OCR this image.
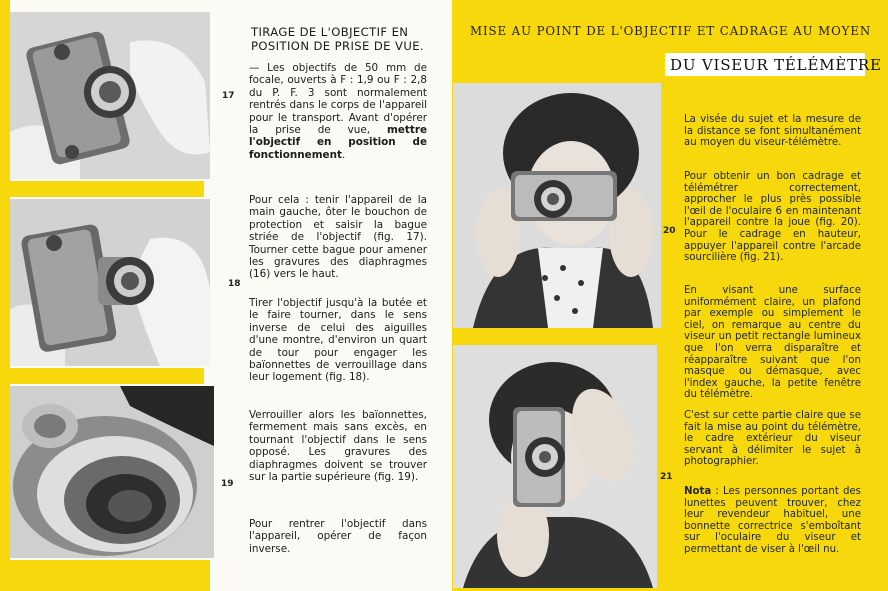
17
18
19
TIRAGE DE L'OBJECTIF EN POSITION DE PRISE DE VUE.
— Les objectifs de 50 mm de focale, ouverts à F : 1,9 ou F : 2,8 du P. F. 3 sont normalement rentrés dans le corps de l'appareil pour le transport. Avant d'opérer la prise de vue, mettre l'objectif en position de fonctionnement.
Pour cela : tenir l'appareil de la main gauche, ôter le bouchon de protection et saisir la bague striée de l'objectif (fig. 17). Tourner cette bague pour amener les gravures des diaphragmes (16) vers le haut.
Tirer l'objectif jusqu'à la butée et le faire tourner, dans le sens inverse de celui des aiguilles d'une montre, d'environ un quart de tour pour engager les baïonnettes de verrouillage dans leur logement (fig. 18).
Verrouiller alors les baïonnettes, fermement mais sans excès, en tournant l'objectif dans le sens opposé. Les gravures des diaphragmes doivent se trouver sur la partie supérieure (fig. 19).
Pour rentrer l'objectif dans l'appareil, opérer de façon inverse.
MISE AU POINT DE L'OBJECTIF ET CADRAGE AU MOYEN
DU VISEUR TÉLÉMÈTRE
20
21
La visée du sujet et la mesure de la distance se font simultanément au moyen du viseur-télémètre.
Pour obtenir un bon cadrage et télémétrer correctement, approcher le plus près possible l'œil de l'oculaire 6 en maintenant l'appareil contre la joue (fig. 20). Pour le cadrage en hauteur, appuyer l'appareil contre l'arcade sourcilière (fig. 21).
En visant une surface uniformément claire, un plafond par exemple ou simplement le ciel, on remarque au centre du viseur un petit rectangle lumineux que l'on verra disparaître et réapparaître suivant que l'on masque ou démasque, avec l'index gauche, la petite fenêtre du télémètre.
C'est sur cette partie claire que se fait la mise au point du télémètre, le cadre extérieur du viseur servant à délimiter le sujet à photographier.
Nota : Les personnes portant des lunettes peuvent trouver, chez leur revendeur habituel, une bonnette correctrice s'emboîtant sur l'oculaire du viseur et permettant de viser à l'œil nu.
